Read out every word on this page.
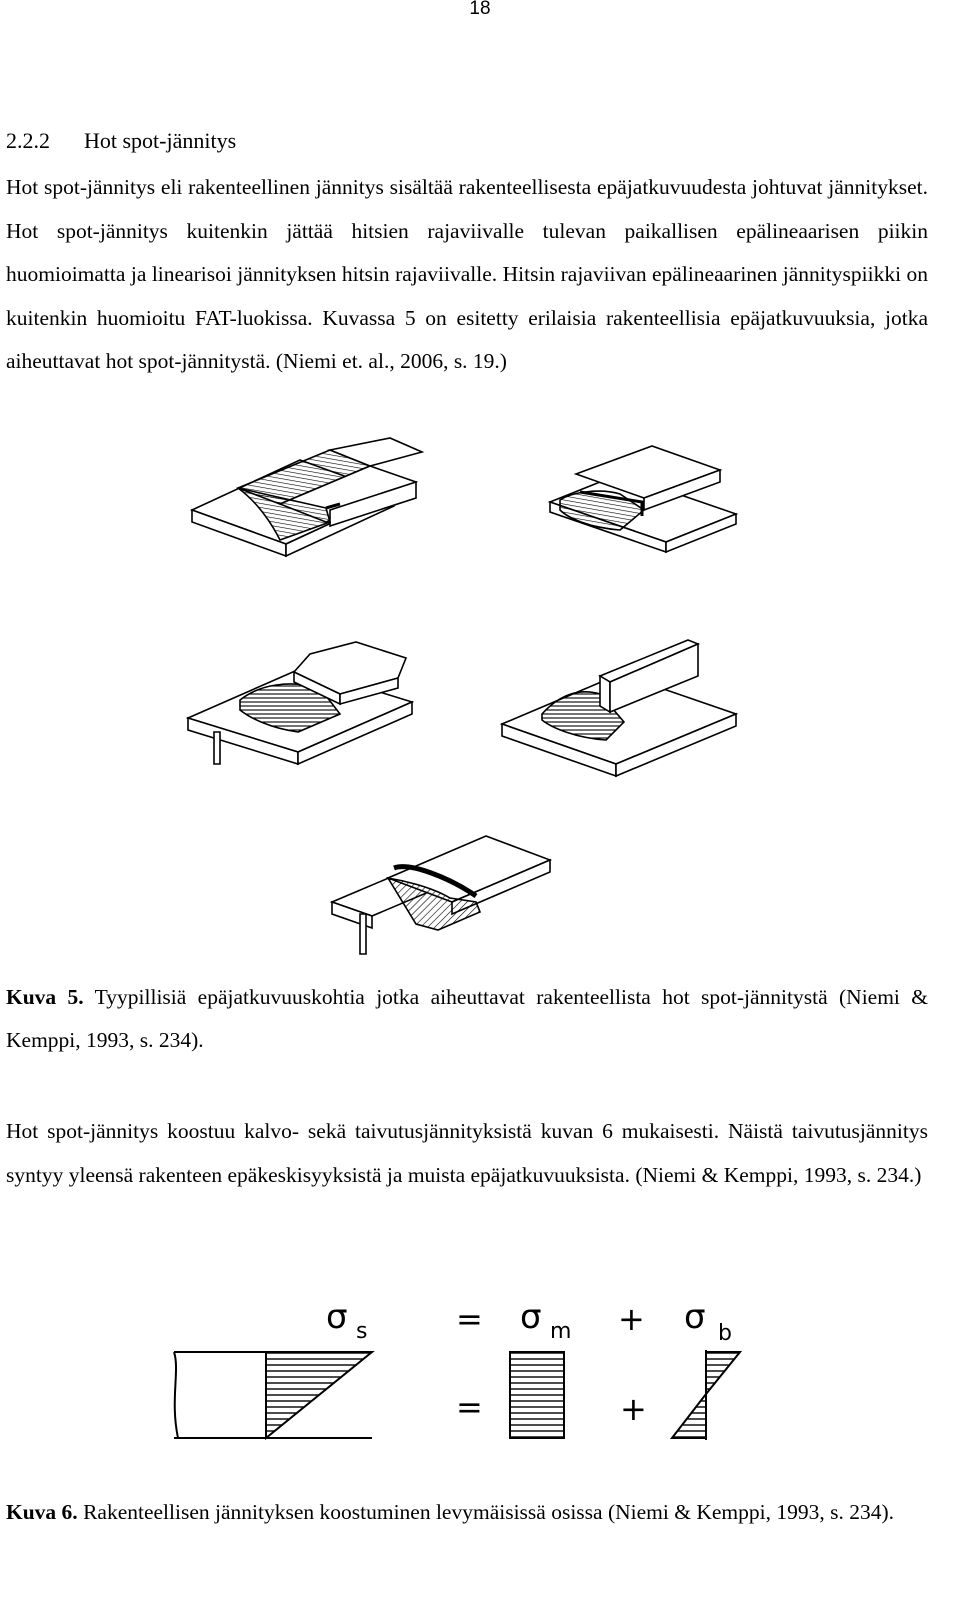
18
2.2.2 Hot spot-jännitys

Hot spot-jännitys eli rakenteellinen jännitys sisältää rakenteellisesta epäjatkuvuudesta johtuvat jännitykset. Hot spot-jännitys kuitenkin jättää hitsien rajaviivalle tulevan paikallisen epälineaarisen piikin huomioimatta ja linearisoi jännityksen hitsin rajaviivalle. Hitsin rajaviivan epälineaarinen jännityspiikki on kuitenkin huomioitu FAT-luokissa. Kuvassa 5 on esitetty erilaisia rakenteellisia epäjatkuvuuksia, jotka aiheuttavat hot spot-jännitystä. (Niemi et. al., 2006, s. 19.)

Kuva 5. Tyypillisiä epäjatkuvuuskohtia jotka aiheuttavat rakenteellista hot spot-jännitystä (Niemi & Kemppi, 1993, s. 234).

Hot spot-jännitys koostuu kalvo- sekä taivutusjännityksistä kuvan 6 mukaisesti. Näistä taivutusjännitys syntyy yleensä rakenteen epäkeskisyyksistä ja muista epäjatkuvuuksista. (Niemi & Kemppi, 1993, s. 234.)

σ s	= σ m + σ b
=	+

Kuva 6. Rakenteellisen jännityksen koostuminen levymäisissä osissa (Niemi & Kemppi, 1993, s. 234).
